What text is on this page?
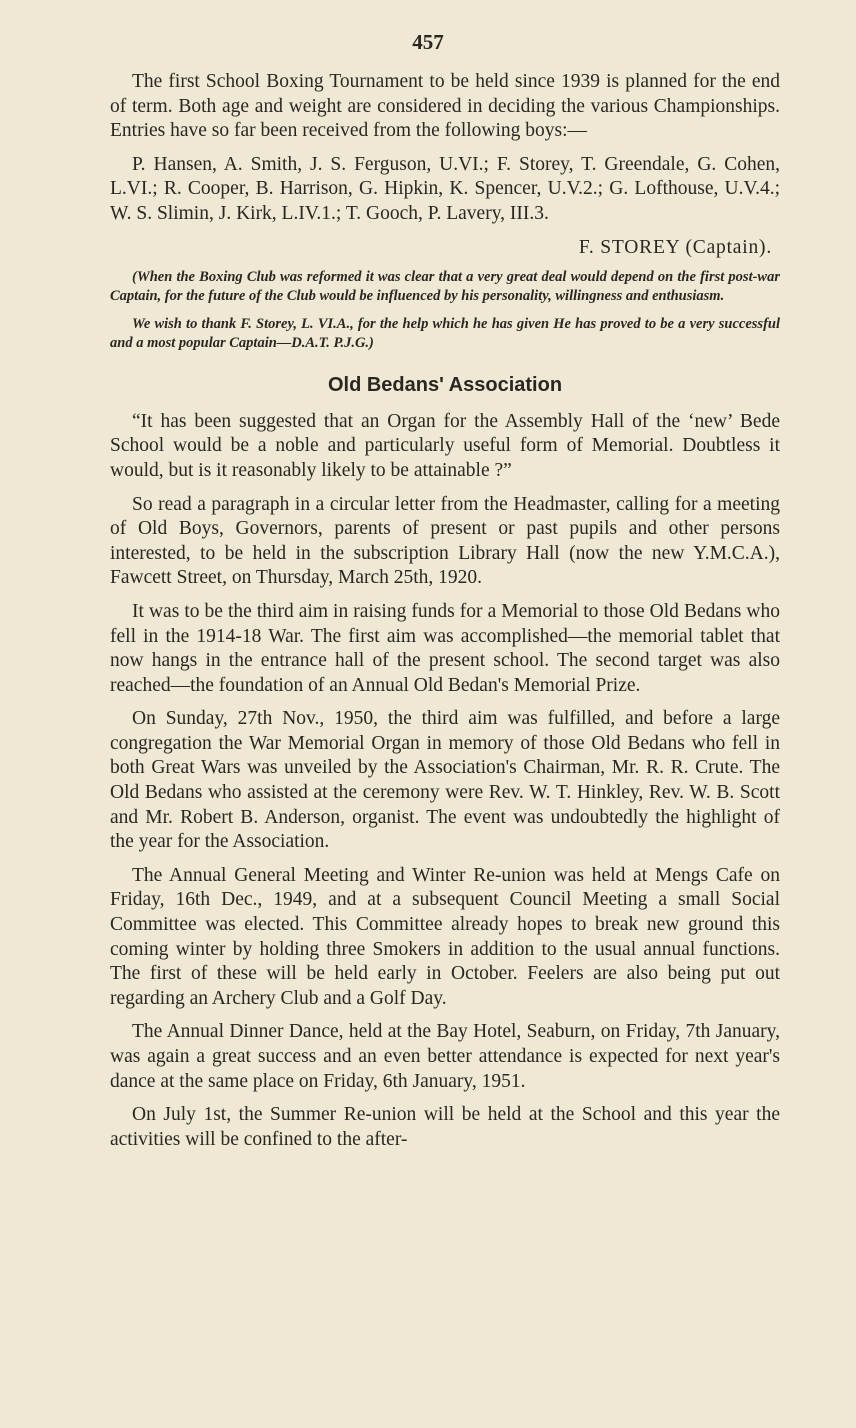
457

The first School Boxing Tournament to be held since 1939 is planned for the end of term. Both age and weight are considered in deciding the various Championships. Entries have so far been received from the following boys:—

P. Hansen, A. Smith, J. S. Ferguson, U.VI.; F. Storey, T. Greendale, G. Cohen, L.VI.; R. Cooper, B. Harrison, G. Hipkin, K. Spencer, U.V.2.; G. Lofthouse, U.V.4.; W. S. Slimin, J. Kirk, L.IV.1.; T. Gooch, P. Lavery, III.3.

F. STOREY (Captain).

(When the Boxing Club was reformed it was clear that a very great deal would depend on the first post-war Captain, for the future of the Club would be influenced by his personality, willingness and enthusiasm.

We wish to thank F. Storey, L. VI.A., for the help which he has given He has proved to be a very successful and a most popular Captain—D.A.T. P.J.G.)

Old Bedans' Association

“It has been suggested that an Organ for the Assembly Hall of the ‘new’ Bede School would be a noble and particularly useful form of Memorial. Doubtless it would, but is it reasonably likely to be attainable ?”

So read a paragraph in a circular letter from the Headmaster, calling for a meeting of Old Boys, Governors, parents of present or past pupils and other persons interested, to be held in the subscription Library Hall (now the new Y.M.C.A.), Fawcett Street, on Thursday, March 25th, 1920.

It was to be the third aim in raising funds for a Memorial to those Old Bedans who fell in the 1914-18 War. The first aim was accomplished—the memorial tablet that now hangs in the entrance hall of the present school. The second target was also reached—the foundation of an Annual Old Bedan's Memorial Prize.

On Sunday, 27th Nov., 1950, the third aim was fulfilled, and before a large congregation the War Memorial Organ in memory of those Old Bedans who fell in both Great Wars was unveiled by the Association's Chairman, Mr. R. R. Crute. The Old Bedans who assisted at the ceremony were Rev. W. T. Hinkley, Rev. W. B. Scott and Mr. Robert B. Anderson, organist. The event was undoubtedly the highlight of the year for the Association.

The Annual General Meeting and Winter Re-union was held at Mengs Cafe on Friday, 16th Dec., 1949, and at a subsequent Council Meeting a small Social Committee was elected. This Committee already hopes to break new ground this coming winter by holding three Smokers in addition to the usual annual functions. The first of these will be held early in October. Feelers are also being put out regarding an Archery Club and a Golf Day.

The Annual Dinner Dance, held at the Bay Hotel, Seaburn, on Friday, 7th January, was again a great success and an even better attendance is expected for next year's dance at the same place on Friday, 6th January, 1951.

On July 1st, the Summer Re-union will be held at the School and this year the activities will be confined to the after-
